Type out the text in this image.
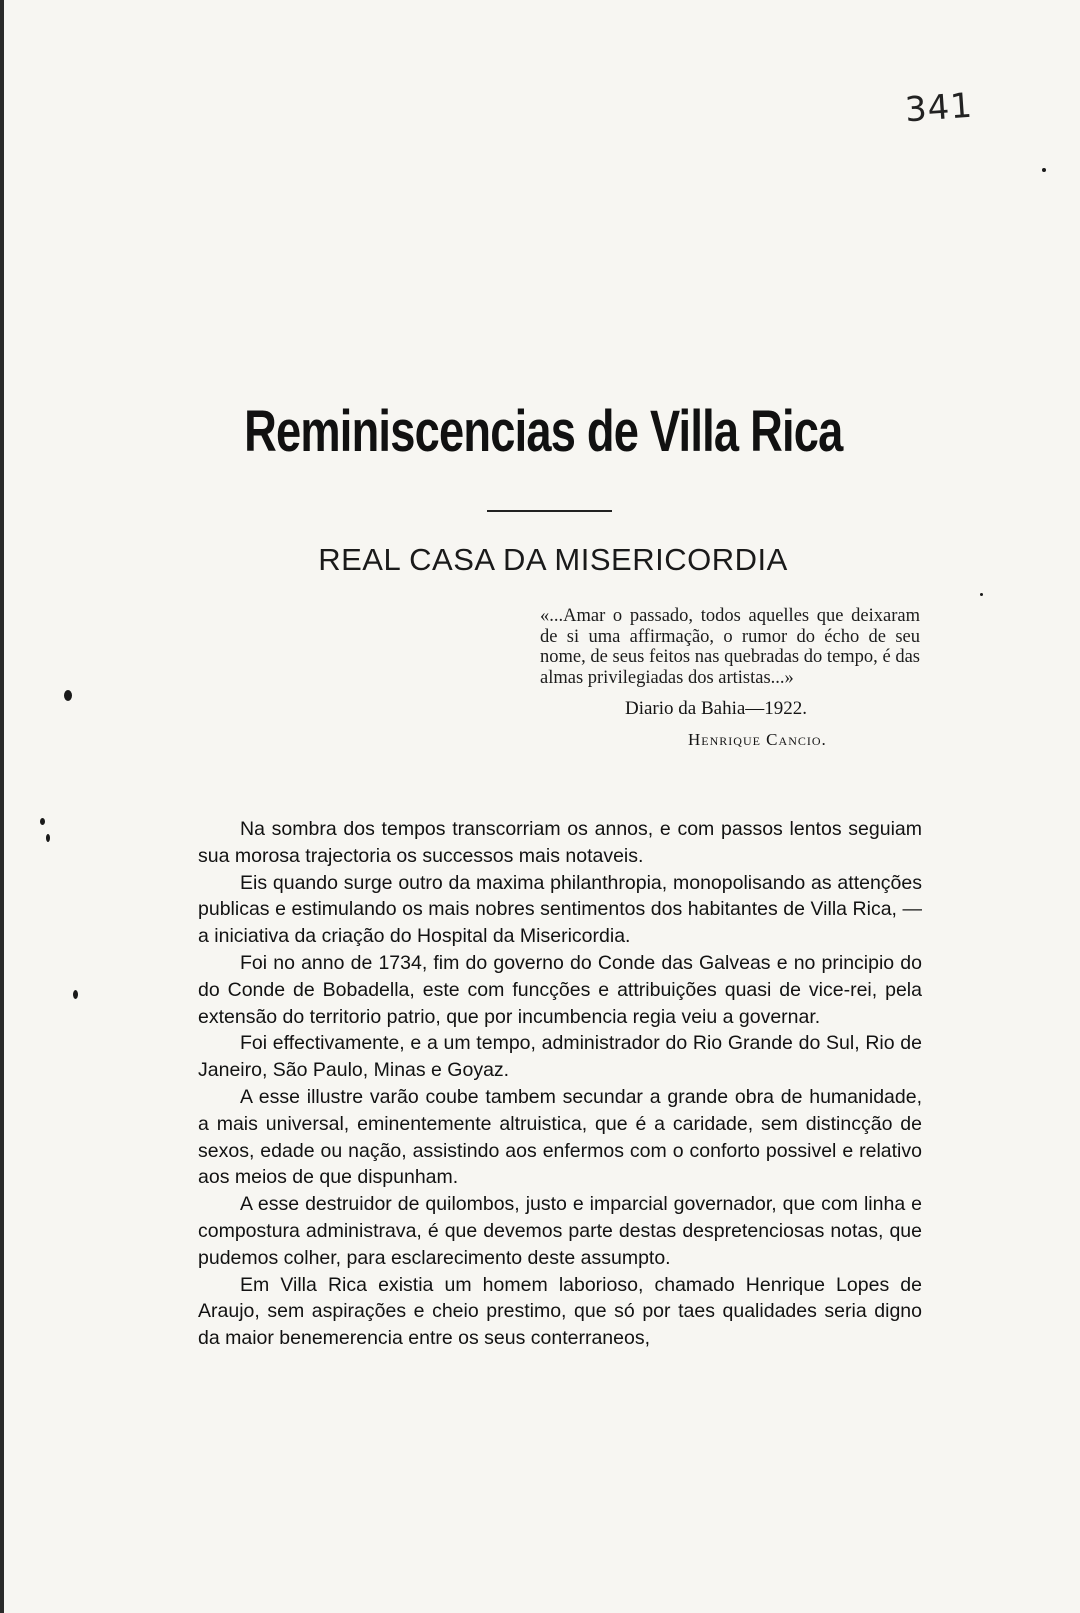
341
Reminiscencias de Villa Rica
REAL CASA DA MISERICORDIA

«...Amar o passado, todos aquelles que deixaram de si uma affirmação, o rumor do écho de seu nome, de seus feitos nas quebradas do tempo, é das almas privilegiadas dos artistas...»

Diario da Bahia—1922.
Henrique Cancio.

Na sombra dos tempos transcorriam os annos, e com passos lentos seguiam sua morosa trajectoria os successos mais notaveis.

Eis quando surge outro da maxima philanthropia, monopolisando as attenções publicas e estimulando os mais nobres sentimentos dos habitantes de Villa Rica, — a iniciativa da criação do Hospital da Misericordia.

Foi no anno de 1734, fim do governo do Conde das Galveas e no principio do do Conde de Bobadella, este com funcções e attribuições quasi de vice-rei, pela extensão do territorio patrio, que por incumbencia regia veiu a governar.

Foi effectivamente, e a um tempo, administrador do Rio Grande do Sul, Rio de Janeiro, São Paulo, Minas e Goyaz.

A esse illustre varão coube tambem secundar a grande obra de humanidade, a mais universal, eminentemente altruistica, que é a caridade, sem distincção de sexos, edade ou nação, assistindo aos enfermos com o conforto possivel e relativo aos meios de que dispunham.

A esse destruidor de quilombos, justo e imparcial governador, que com linha e compostura administrava, é que devemos parte destas despretenciosas notas, que pudemos colher, para esclarecimento deste assumpto.

Em Villa Rica existia um homem laborioso, chamado Henrique Lopes de Araujo, sem aspirações e cheio prestimo, que só por taes qualidades seria digno da maior benemerencia entre os seus conterraneos,
